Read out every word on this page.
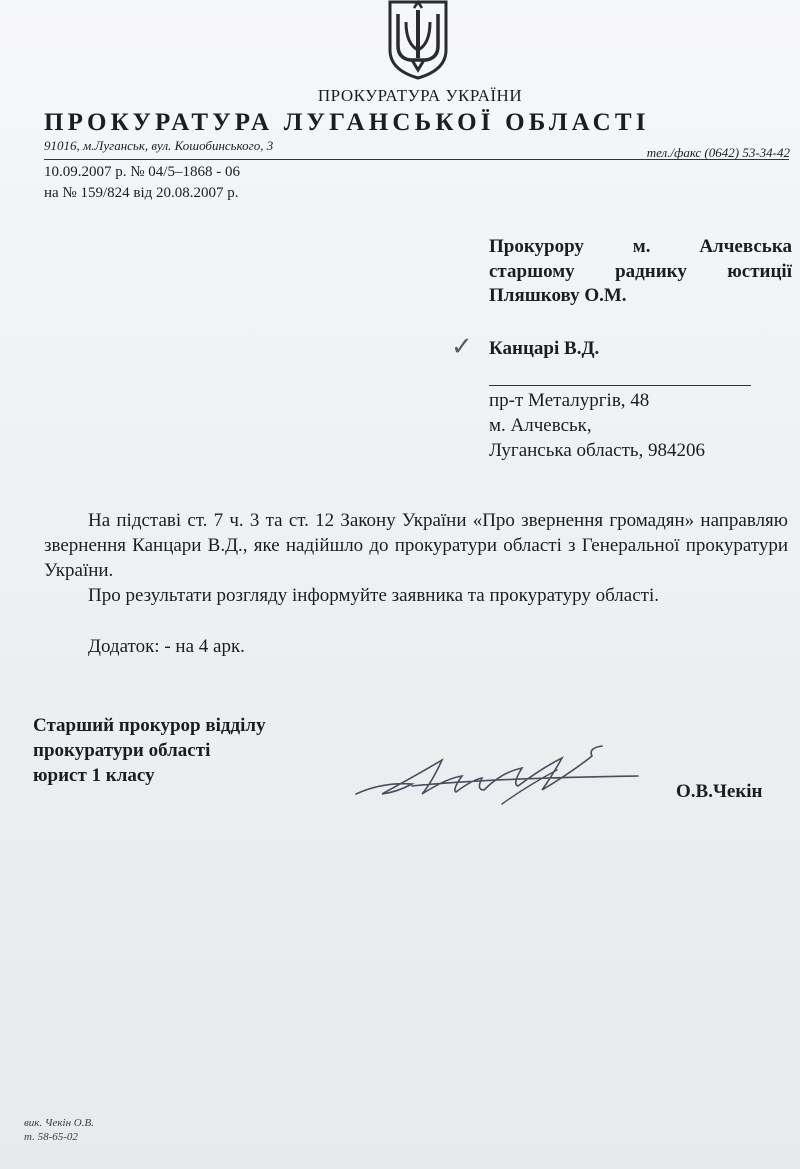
ПРОКУРАТУРА УКРАЇНИ
ПРОКУРАТУРА ЛУГАНСЬКОЇ ОБЛАСТІ
91016, м.Луганськ, вул. Кошобинського, 3	тел./факс (0642) 53-34-42
10.09.2007 р. № 04/5–1868 - 06
на № 159/824 від 20.08.2007 р.
Прокурору м. Алчевська
старшому раднику юстиції
Пляшкову О.М.
✓ Канцарі В.Д.
пр-т Металургів, 48
м. Алчевськ,
Луганська область, 984206

На підставі ст. 7 ч. 3 та ст. 12 Закону України «Про звернення громадян» направляю звернення Канцари В.Д., яке надійшло до прокуратури області з Генеральної прокуратури України.

Про результати розгляду інформуйте заявника та прокуратуру області.

Додаток: - на 4 арк.
Старший прокурор відділу
прокуратури області
юрист 1 класу
О.В.Чекін
вик. Чекін О.В.
т. 58-65-02
